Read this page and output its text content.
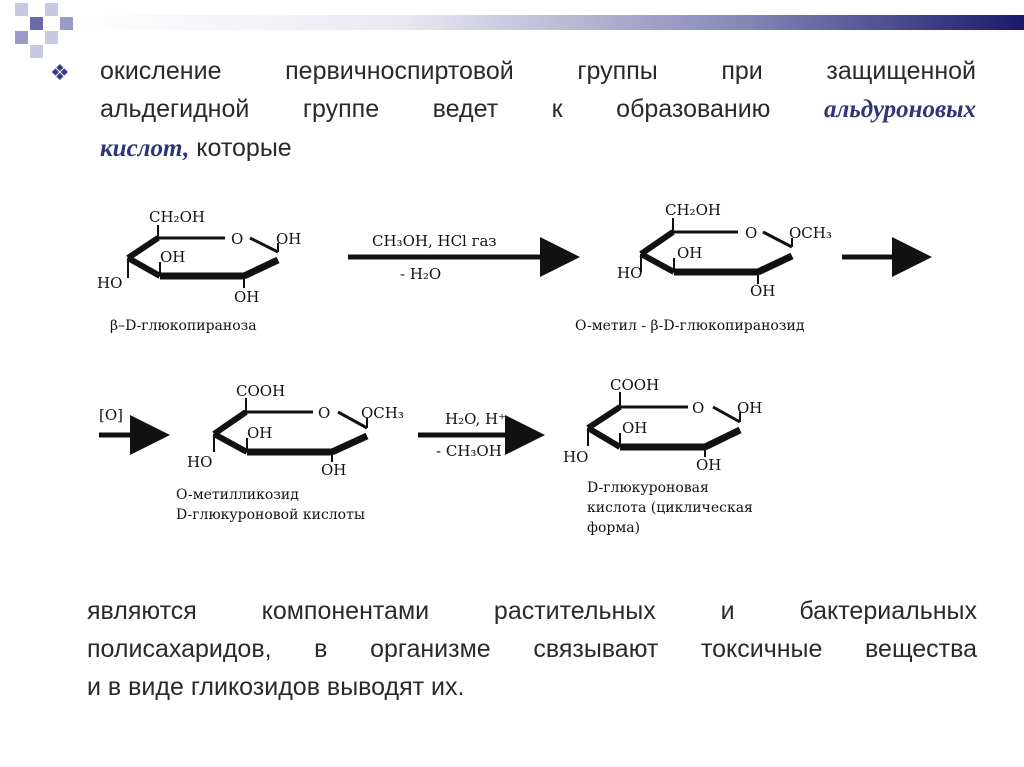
❖ окисление первичноспиртовой группы при защищенной
альдегидной группе ведет к образованию альдуроновых
кислот, которые
CH₂OH
O OH
HO
OH
OH
β–D-глюкопираноза
CH₃OH, HCl газ
- H₂O
CH₂OH
O OCH₃
HO
OH
OH
O-метил - β-D-глюкопиранозид
[O]
COOH
O OCH₃
HO
OH
OH
O-метилликозид
D-глюкуроновой кислоты
H₂O, H⁺
- CH₃OH
COOH
O OH
HO
OH
OH
D-глюкуроновая
кислота (циклическая
форма)
являются компонентами растительных и бактериальных
полисахаридов, в организме связывают токсичные вещества
и в виде гликозидов выводят их.
